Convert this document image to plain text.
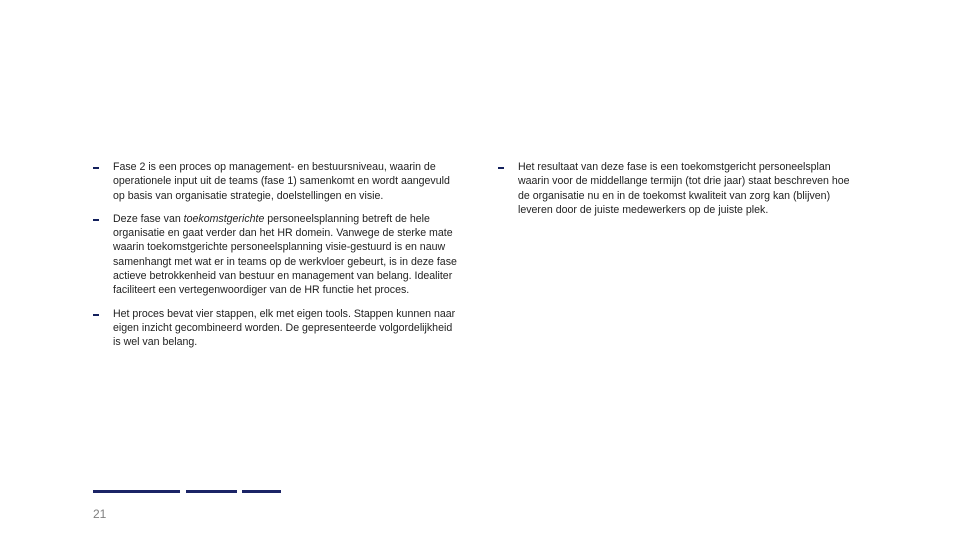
Fase 2 is een proces op management- en bestuursniveau, waarin de operationele input uit de teams (fase 1) samenkomt en wordt aangevuld op basis van organisatie strategie, doelstellingen en visie.
Deze fase van toekomstgerichte personeelsplanning betreft de hele organisatie en gaat verder dan het HR domein. Vanwege de sterke mate waarin toekomstgerichte personeelsplanning visie-gestuurd is en nauw samenhangt met wat er in teams op de werkvloer gebeurt, is in deze fase actieve betrokkenheid van bestuur en management van belang. Idealiter faciliteert een vertegenwoordiger van de HR functie het proces.
Het proces bevat vier stappen, elk met eigen tools. Stappen kunnen naar eigen inzicht gecombineerd worden. De gepresenteerde volgordelijkheid is wel van belang.
Het resultaat van deze fase is een toekomstgericht personeelsplan waarin voor de middellange termijn (tot drie jaar) staat beschreven hoe de organisatie nu en in de toekomst kwaliteit van zorg kan (blijven) leveren door de juiste medewerkers op de juiste plek.
21
